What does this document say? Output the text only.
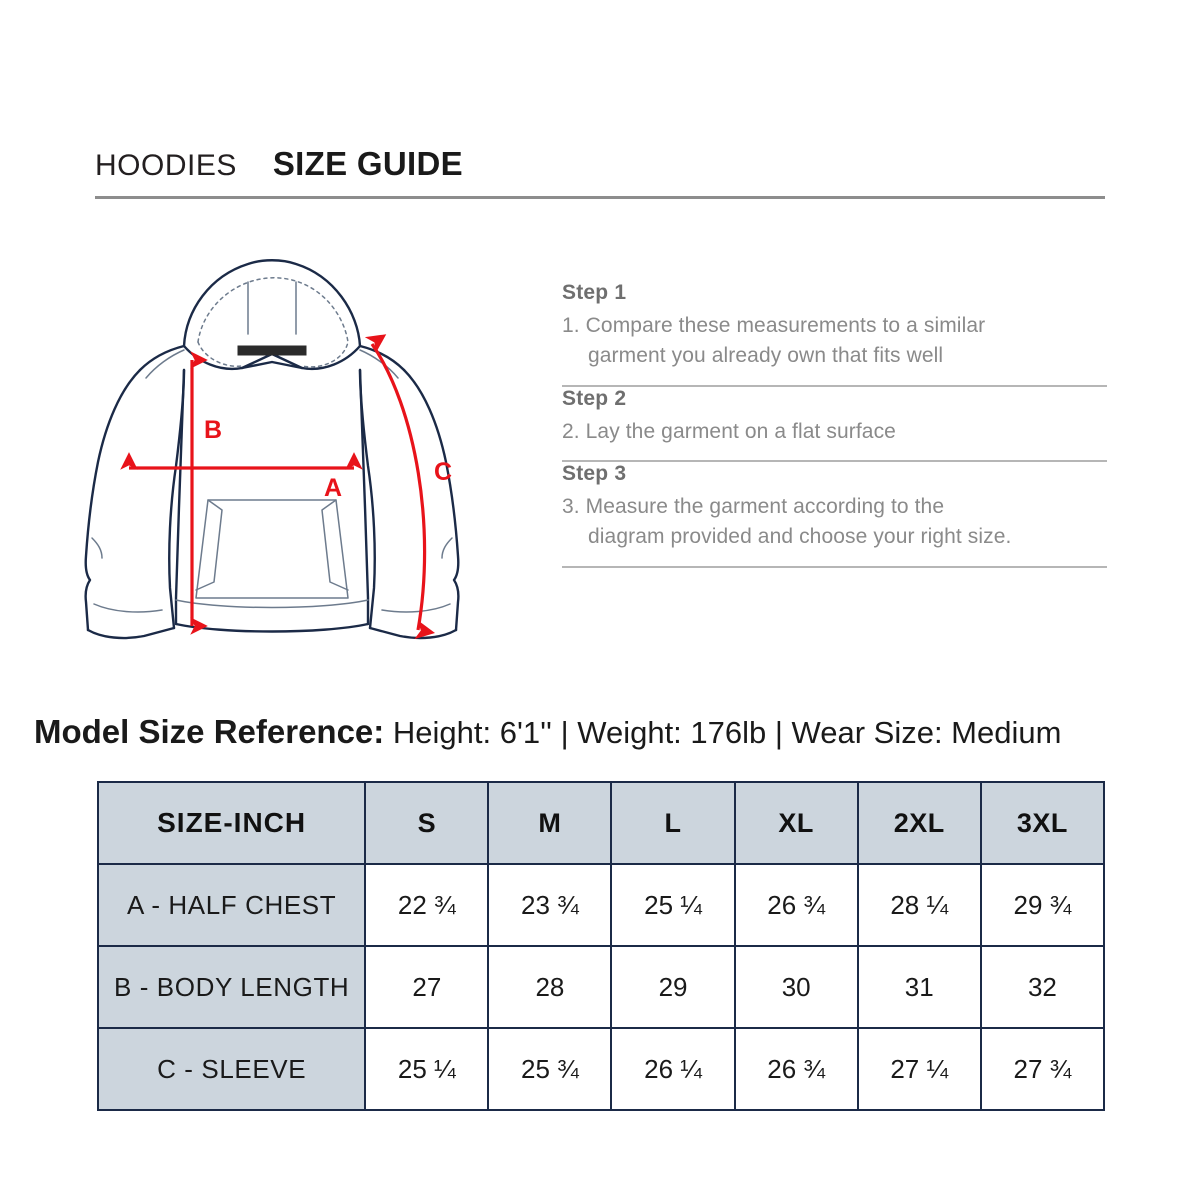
HOODIES SIZE GUIDE
B
A
C
Step 1
1. Compare these measurements to a similar
garment you already own that fits well
Step 2
2. Lay the garment on a flat surface
Step 3
3. Measure the garment according to the
diagram provided and choose your right size.
Model Size Reference: Height: 6'1'' | Weight: 176lb | Wear Size: Medium
SIZE-INCH	S	M	L	XL	2XL	3XL
A - HALF CHEST	22 ¾	23 ¾	25 ¼	26 ¾	28 ¼	29 ¾
B - BODY LENGTH	27	28	29	30	31	32
C - SLEEVE	25 ¼	25 ¾	26 ¼	26 ¾	27 ¼	27 ¾
